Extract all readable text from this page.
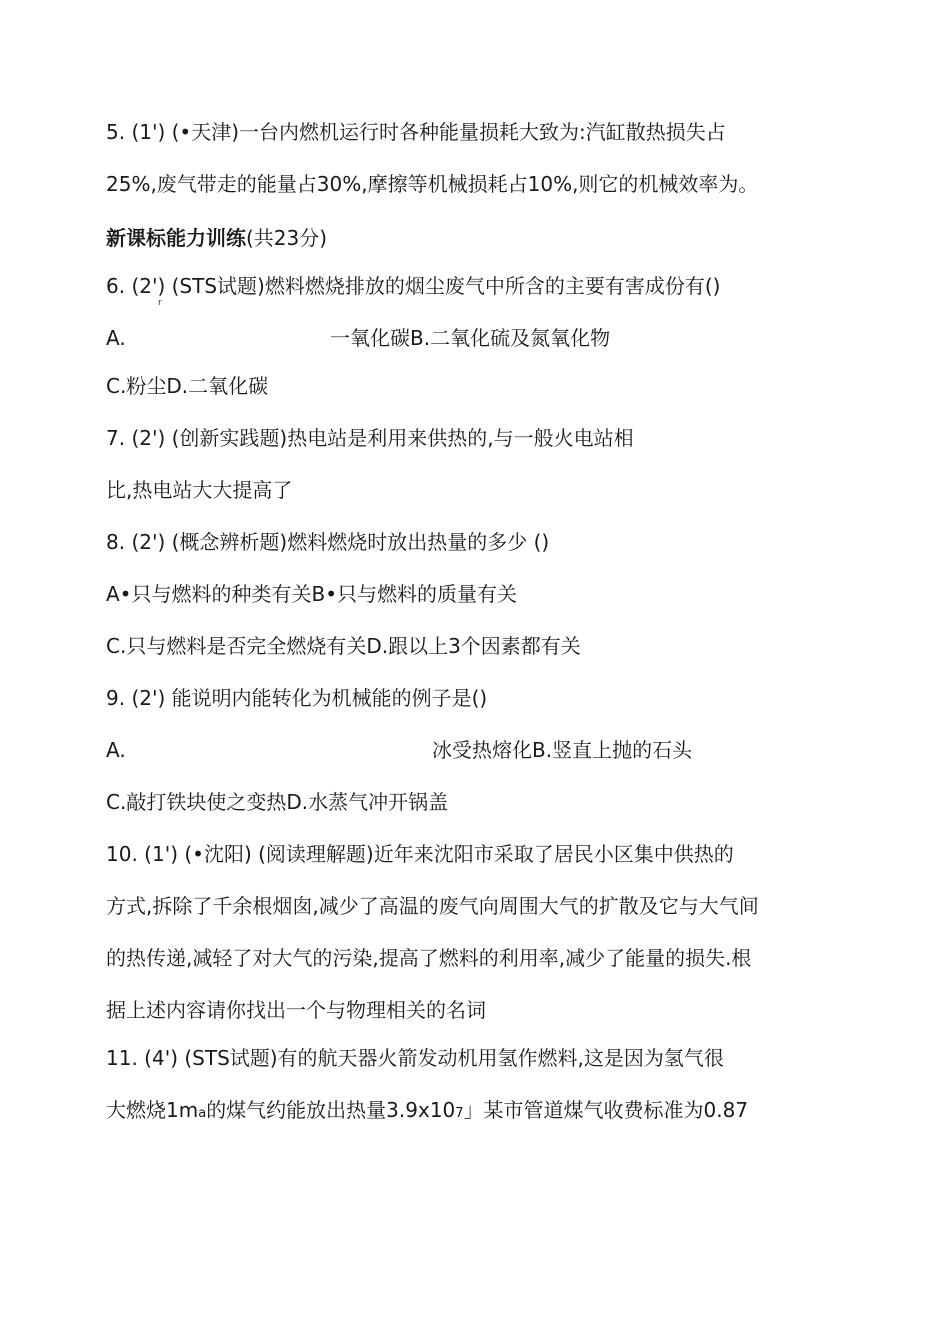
5. (1') (•天津)一台内燃机运行时各种能量损耗大致为:汽缸散热损失占
25%,废气带走的能量占30%,摩擦等机械损耗占10%,则它的机械效率为。
新课标能力训练(共23分)
6. (2') (STS试题)燃料燃烧排放的烟尘废气中所含的主要有害成份有()
r
A.	一氧化碳B.二氧化硫及氮氧化物
C.粉尘D.二氧化碳
7. (2') (创新实践题)热电站是利用来供热的,与一般火电站相
比,热电站大大提高了
8. (2') (概念辨析题)燃料燃烧时放出热量的多少 ()
A•只与燃料的种类有关B•只与燃料的质量有关
C.只与燃料是否完全燃烧有关D.跟以上3个因素都有关
9. (2') 能说明内能转化为机械能的例子是()
A.	冰受热熔化B.竖直上抛的石头
C.敲打铁块使之变热D.水蒸气冲开锅盖
10. (1') (•沈阳) (阅读理解题)近年来沈阳市采取了居民小区集中供热的
方式,拆除了千余根烟囱,减少了高温的废气向周围大气的扩散及它与大气间
的热传递,减轻了对大气的污染,提高了燃料的利用率,减少了能量的损失.根
据上述内容请你找出一个与物理相关的名词
11. (4') (STS试题)有的航天器火箭发动机用氢作燃料,这是因为氢气很
大燃烧1ma的煤气约能放出热量3.9x107」某市管道煤气收费标准为0.87
